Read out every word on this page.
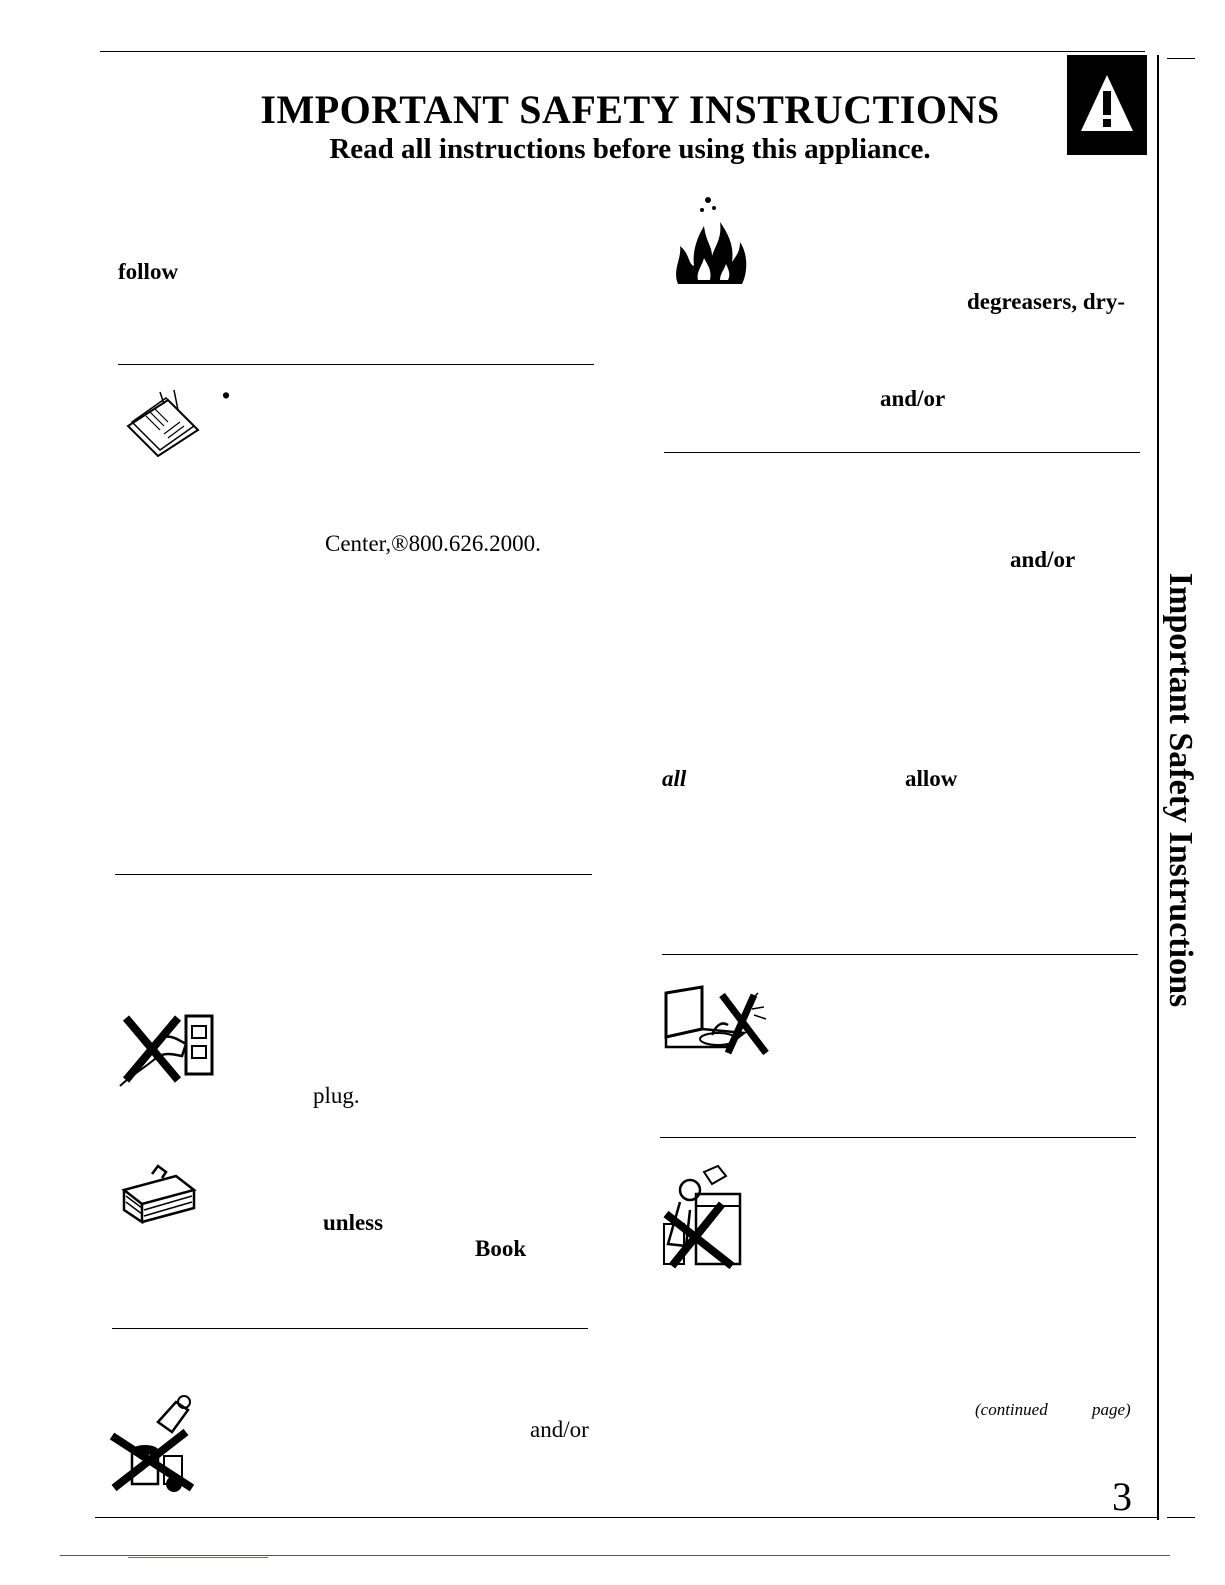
IMPORTANT SAFETY INSTRUCTIONS
Read all instructions before using this appliance.
Important Safety Instructions
follow
•
Center,®800.626.2000.
plug.
unless
Book
and/or
degreasers, dry-
and/or
and/or
all	allow
(continued	page)
3
